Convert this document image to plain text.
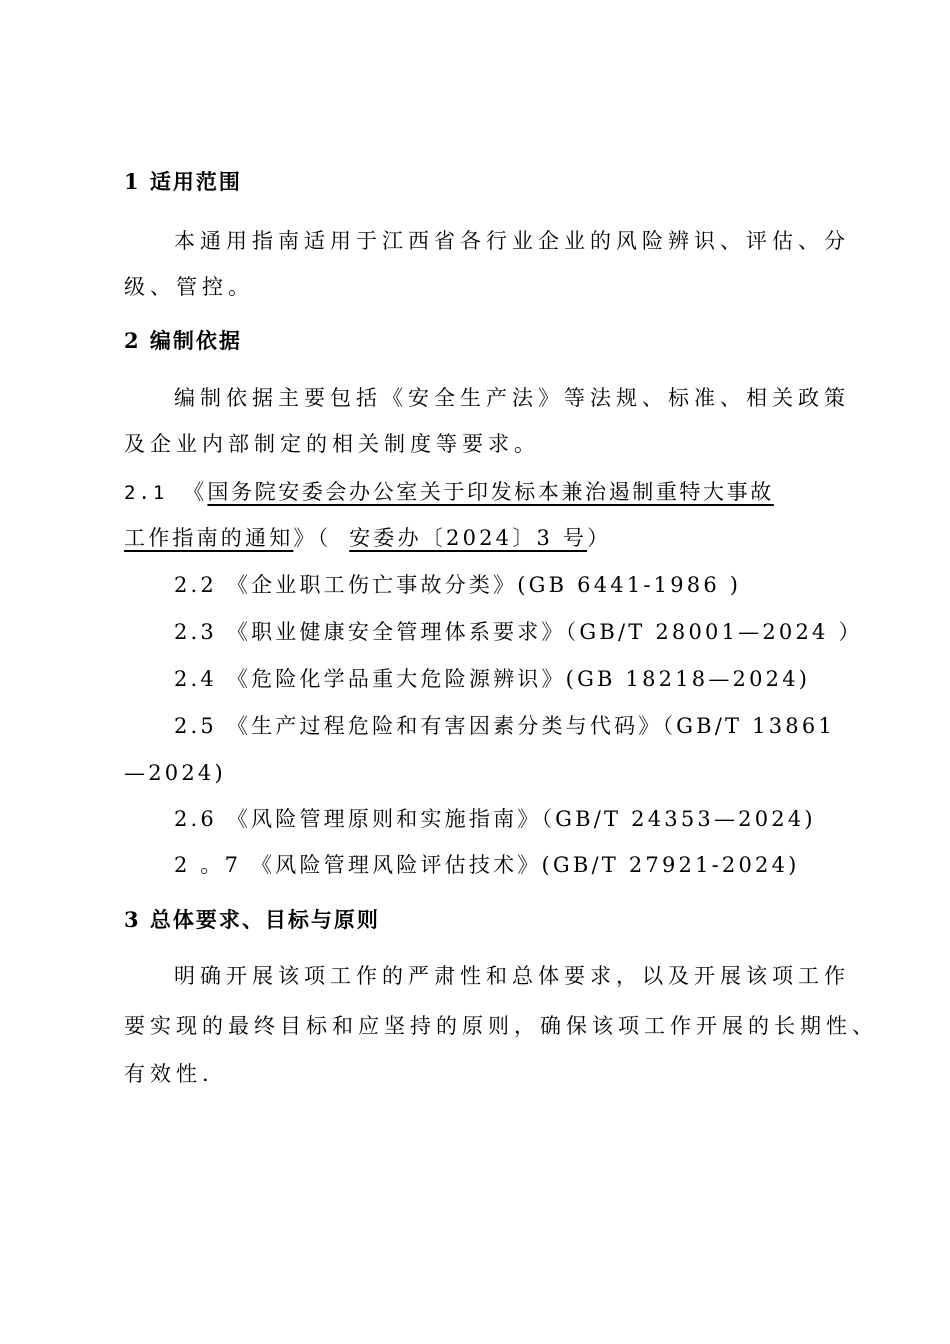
1 适用范围
本通用指南适用于江西省各行业企业的风险辨识、评估、分
级、管控。
2 编制依据
编制依据主要包括《安全生产法》等法规、标准、相关政策
及企业内部制定的相关制度等要求。
2.1 《国务院安委会办公室关于印发标本兼治遏制重特大事故
工作指南的通知》（ 安委办〔2024〕3 号）
2.2 《企业职工伤亡事故分类》(GB 6441-1986 )
2.3 《职业健康安全管理体系要求》（GB/T 28001—2024 ）
2.4 《危险化学品重大危险源辨识》(GB 18218—2024)
2.5 《生产过程危险和有害因素分类与代码》（GB/T 13861
—2024)
2.6 《风险管理原则和实施指南》（GB/T 24353—2024)
2 。7 《风险管理风险评估技术》(GB/T 27921-2024)
3 总体要求、目标与原则
明确开展该项工作的严肃性和总体要求，以及开展该项工作
要实现的最终目标和应坚持的原则，确保该项工作开展的长期性、
有效性.
